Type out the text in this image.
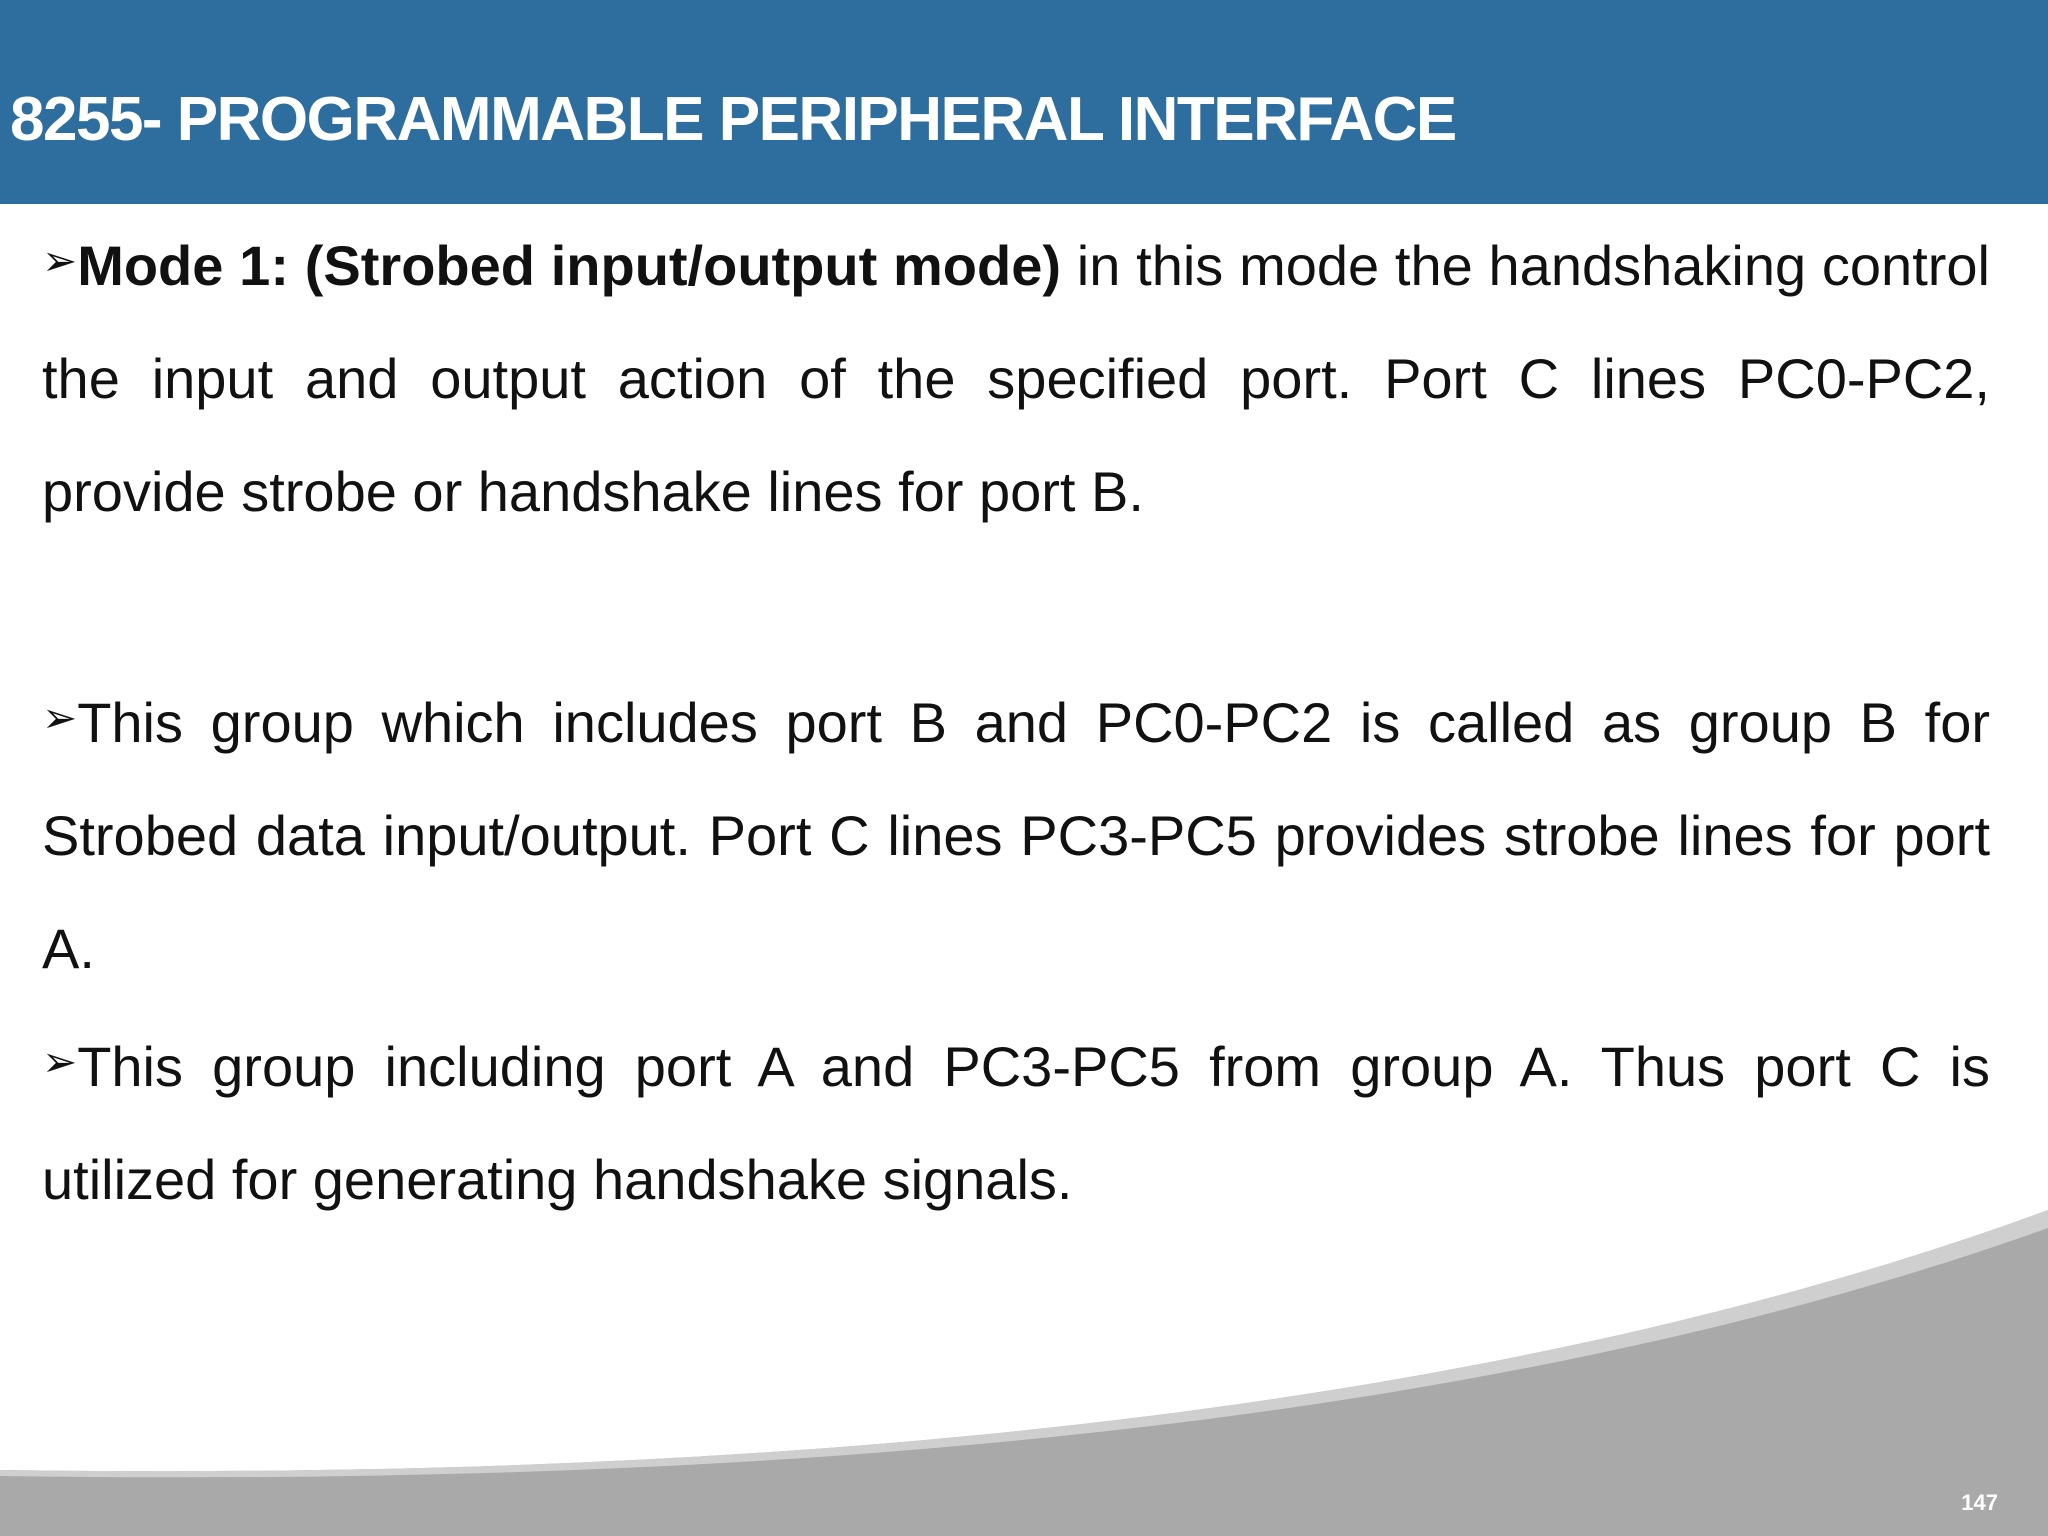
8255- PROGRAMMABLE PERIPHERAL INTERFACE

➢Mode 1: (Strobed input/output mode) in this mode the handshaking control the input and output action of the specified port. Port C lines PC0-PC2, provide strobe or handshake lines for port B.

➢This group which includes port B and PC0-PC2 is called as group B for Strobed data input/output. Port C lines PC3-PC5 provides strobe lines for port A.

➢This group including port A and PC3-PC5 from group A. Thus port C is utilized for generating handshake signals.

147
